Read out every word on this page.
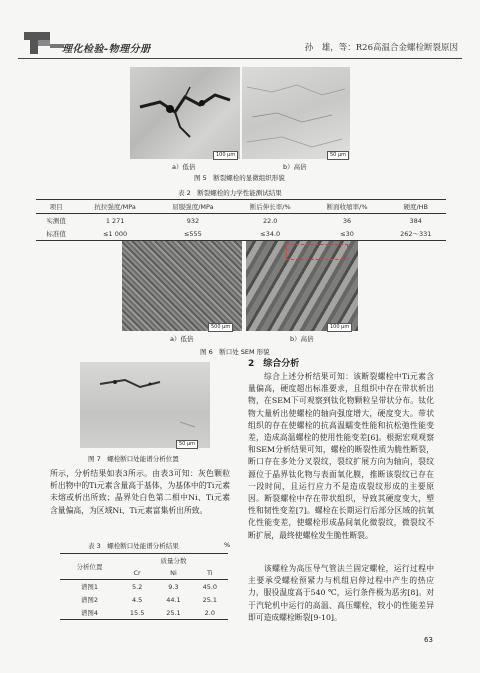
理化检验-物理分册	孙　雄，等：R26高温合金螺栓断裂原因
100 μm	50 μm
a）低倍	b）高倍
图 5　断裂螺栓的显微组织形貌
表 2　断裂螺栓的力学性能测试结果
项目	抗拉强度/MPa	屈服强度/MPa	断后伸长率/%	断面收缩率/%	硬度/HB
实测值	1 271	932	22.0	36	384
标准值	≤1 000	≤555	≤34.0	≤30	262～331
500 μm	100 μm
a）低倍	b）高倍
图 6　断口处 SEM 形貌
50 μm
图 7　螺栓断口处能谱分析位置
所示，分析结果如表3所示。由表3可知：灰色颗粒析出物中的Ti元素含量高于基体，为基体中的Ti元素未熔或析出所致；晶界处白色第二相中Ni、Ti元素含量偏高，为区域Ni、Ti元素富集析出所致。
表 3　螺栓断口处能谱分析结果	%
分析位置	质量分数		
	Cr	Ni	Ti
谱图1	5.2	9.3	45.0
谱图2	4.5	44.1	25.1
谱图4	15.5	25.1	2.0
2　综合分析
综合上述分析结果可知：该断裂螺栓中Ti元素含量偏高，硬度超出标准要求，且组织中存在带状析出物，在SEM下可观察到钛化物颗粒呈带状分布。钛化物大量析出使螺栓的轴向强度增大，硬度变大。带状组织的存在使螺栓的抗高温蠕变性能和抗松弛性能变差，造成高温螺栓的使用性能变差[6]。根据宏观观察和SEM分析结果可知，螺栓的断裂性质为脆性断裂，断口存在多处分叉裂纹，裂纹扩展方向为轴向，裂纹源位于晶界钛化物与表面氧化膜，推断该裂纹已存在一段时间，且运行应力不是造成裂纹形成的主要原因。断裂螺栓中存在带状组织，导致其硬度变大，塑性和韧性变差[7]。螺栓在长期运行后部分区域的抗氧化性能变差，使螺栓形成晶间氧化微裂纹，微裂纹不断扩展，最终使螺栓发生脆性断裂。
该螺栓为高压导气管法兰固定螺栓，运行过程中主要承受螺栓预紧力与机组启停过程中产生的热应力，服役温度高于540 ℃，运行条件极为恶劣[8]。对于汽轮机中运行的高温、高压螺栓，较小的性能差异即可造成螺栓断裂[9-10]。
63
